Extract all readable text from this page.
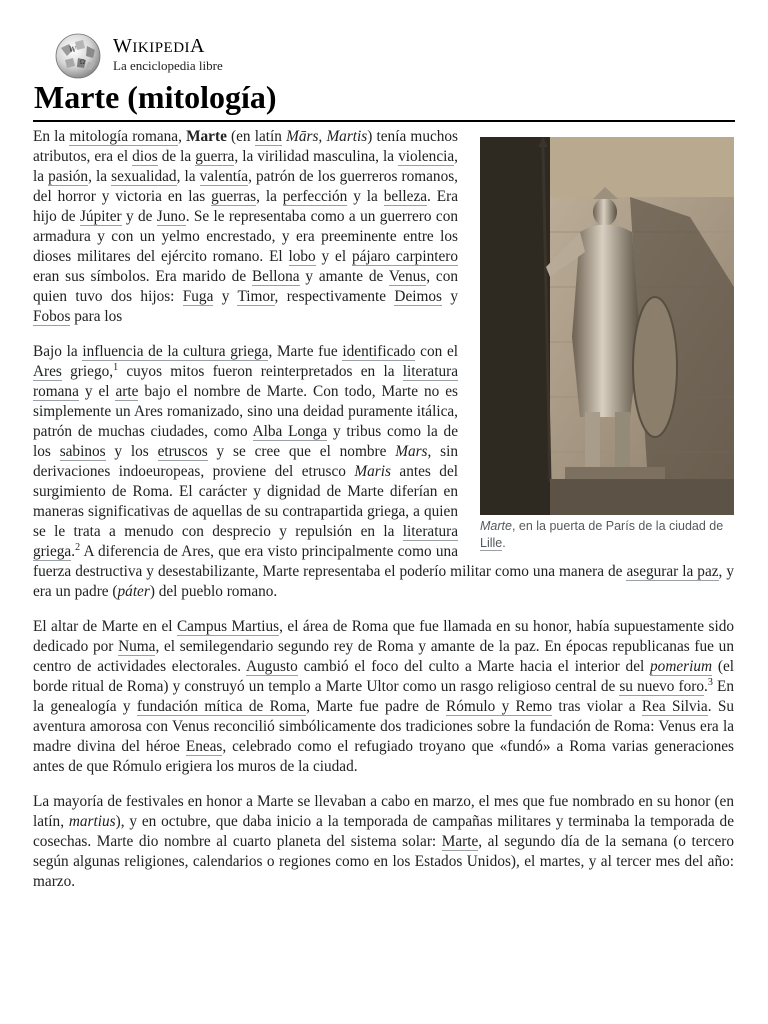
W
Ω
WIKIPEDIA
La enciclopedia libre
Marte (mitología)
Marte, en la puerta de París de la ciudad de Lille.

En la mitología romana, Marte (en latín Mārs, Martis) tenía muchos atributos, era el dios de la guerra, la virilidad masculina, la violencia, la pasión, la sexualidad, la valentía, patrón de los guerreros romanos, del horror y victoria en las guerras, la perfección y la belleza. Era hijo de Júpiter y de Juno. Se le representaba como a un guerrero con armadura y con un yelmo encrestado, y era preeminente entre los dioses militares del ejército romano. El lobo y el pájaro carpintero eran sus símbolos. Era marido de Bellona y amante de Venus, con quien tuvo dos hijos: Fuga y Timor, respectivamente Deimos y Fobos para los

Bajo la influencia de la cultura griega, Marte fue identificado con el Ares griego,$^1$ cuyos mitos fueron reinterpretados en la literatura romana y el arte bajo el nombre de Marte. Con todo, Marte no es simplemente un Ares romanizado, sino una deidad puramente itálica, patrón de muchas ciudades, como Alba Longa y tribus como la de los sabinos y los etruscos y se cree que el nombre Mars, sin derivaciones indoeuropeas, proviene del etrusco Maris antes del surgimiento de Roma. El carácter y dignidad de Marte diferían en maneras significativas de aquellas de su contrapartida griega, a quien se le trata a menudo con desprecio y repulsión en la literatura griega.$^2$ A diferencia de Ares, que era visto principalmente como una fuerza destructiva y desestabilizante, Marte representaba el poderío militar como una manera de asegurar la paz, y era un padre (páter) del pueblo romano.

El altar de Marte en el Campus Martius, el área de Roma que fue llamada en su honor, había supuestamente sido dedicado por Numa, el semilegendario segundo rey de Roma y amante de la paz. En épocas republicanas fue un centro de actividades electorales. Augusto cambió el foco del culto a Marte hacia el interior del pomerium (el borde ritual de Roma) y construyó un templo a Marte Ultor como un rasgo religioso central de su nuevo foro.$^3$ En la genealogía y fundación mítica de Roma, Marte fue padre de Rómulo y Remo tras violar a Rea Silvia. Su aventura amorosa con Venus reconcilió simbólicamente dos tradiciones sobre la fundación de Roma: Venus era la madre divina del héroe Eneas, celebrado como el refugiado troyano que «fundó» a Roma varias generaciones antes de que Rómulo erigiera los muros de la ciudad.

La mayoría de festivales en honor a Marte se llevaban a cabo en marzo, el mes que fue nombrado en su honor (en latín, martius), y en octubre, que daba inicio a la temporada de campañas militares y terminaba la temporada de cosechas. Marte dio nombre al cuarto planeta del sistema solar: Marte, al segundo día de la semana (o tercero según algunas religiones, calendarios o regiones como en los Estados Unidos), el martes, y al tercer mes del año: marzo.
